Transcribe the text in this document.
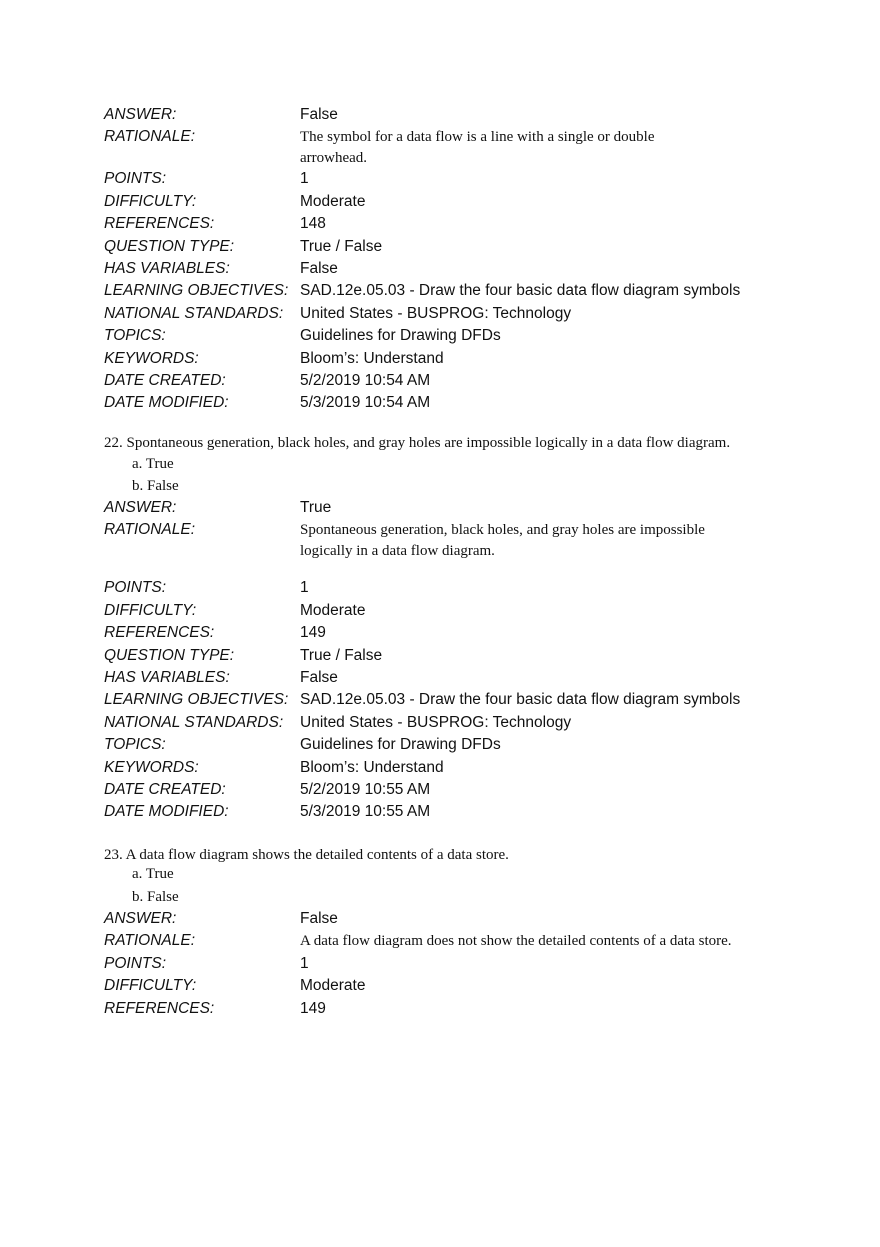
ANSWER:	False
RATIONALE:	The symbol for a data flow is a line with a single or double arrowhead.
POINTS:	1
DIFFICULTY:	Moderate
REFERENCES:	148
QUESTION TYPE:	True / False
HAS VARIABLES:	False
LEARNING OBJECTIVES: SAD.12e.05.03 - Draw the four basic data flow diagram symbols
NATIONAL STANDARDS: United States - BUSPROG: Technology
TOPICS:	Guidelines for Drawing DFDs
KEYWORDS:	Bloom’s: Understand
DATE CREATED:	5/2/2019 10:54 AM
DATE MODIFIED:	5/3/2019 10:54 AM
22. Spontaneous generation, black holes, and gray holes are impossible logically in a data flow diagram.
a. True
b. False
ANSWER:	True
RATIONALE:	Spontaneous generation, black holes, and gray holes are impossible logically in a data flow diagram.
POINTS:	1
DIFFICULTY:	Moderate
REFERENCES:	149
QUESTION TYPE:	True / False
HAS VARIABLES:	False
LEARNING OBJECTIVES: SAD.12e.05.03 - Draw the four basic data flow diagram symbols
NATIONAL STANDARDS: United States - BUSPROG: Technology
TOPICS:	Guidelines for Drawing DFDs
KEYWORDS:	Bloom’s: Understand
DATE CREATED:	5/2/2019 10:55 AM
DATE MODIFIED:	5/3/2019 10:55 AM
23. A data flow diagram shows the detailed contents of a data store.
a. True
b. False
ANSWER:	False
RATIONALE:	A data flow diagram does not show the detailed contents of a data store.
POINTS:	1
DIFFICULTY:	Moderate
REFERENCES:	149
